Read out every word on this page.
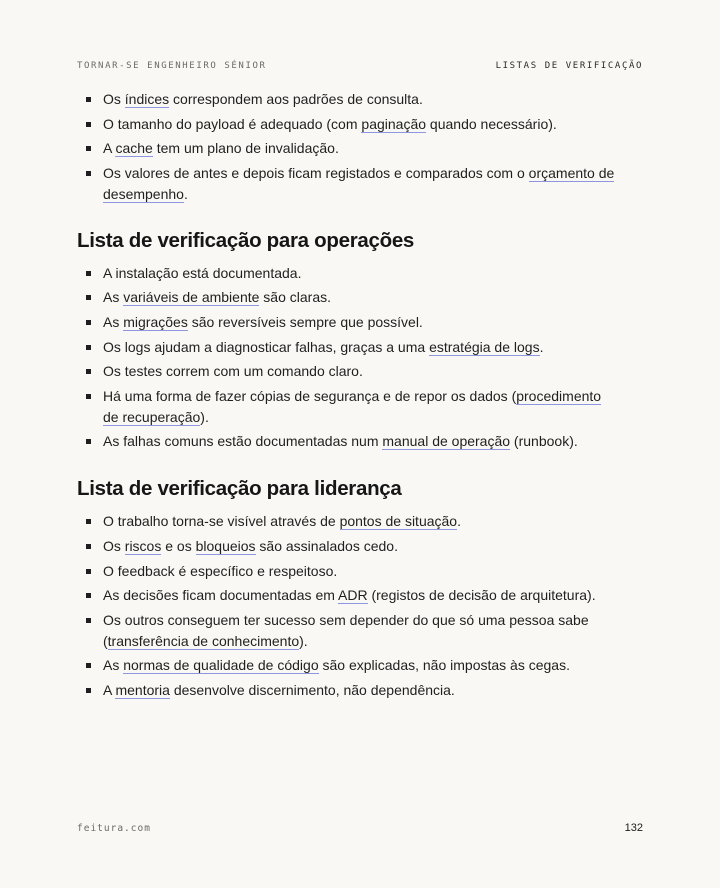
TORNAR-SE ENGENHEIRO SÉNIOR	LISTAS DE VERIFICAÇÃO
Os índices correspondem aos padrões de consulta.
O tamanho do payload é adequado (com paginação quando necessário).
A cache tem um plano de invalidação.
Os valores de antes e depois ficam registados e comparados com o orçamento de desempenho.
Lista de verificação para operações
A instalação está documentada.
As variáveis de ambiente são claras.
As migrações são reversíveis sempre que possível.
Os logs ajudam a diagnosticar falhas, graças a uma estratégia de logs.
Os testes correm com um comando claro.
Há uma forma de fazer cópias de segurança e de repor os dados (procedimento de recuperação).
As falhas comuns estão documentadas num manual de operação (runbook).
Lista de verificação para liderança
O trabalho torna-se visível através de pontos de situação.
Os riscos e os bloqueios são assinalados cedo.
O feedback é específico e respeitoso.
As decisões ficam documentadas em ADR (registos de decisão de arquitetura).
Os outros conseguem ter sucesso sem depender do que só uma pessoa sabe (transferência de conhecimento).
As normas de qualidade de código são explicadas, não impostas às cegas.
A mentoria desenvolve discernimento, não dependência.
feitura.com	132
